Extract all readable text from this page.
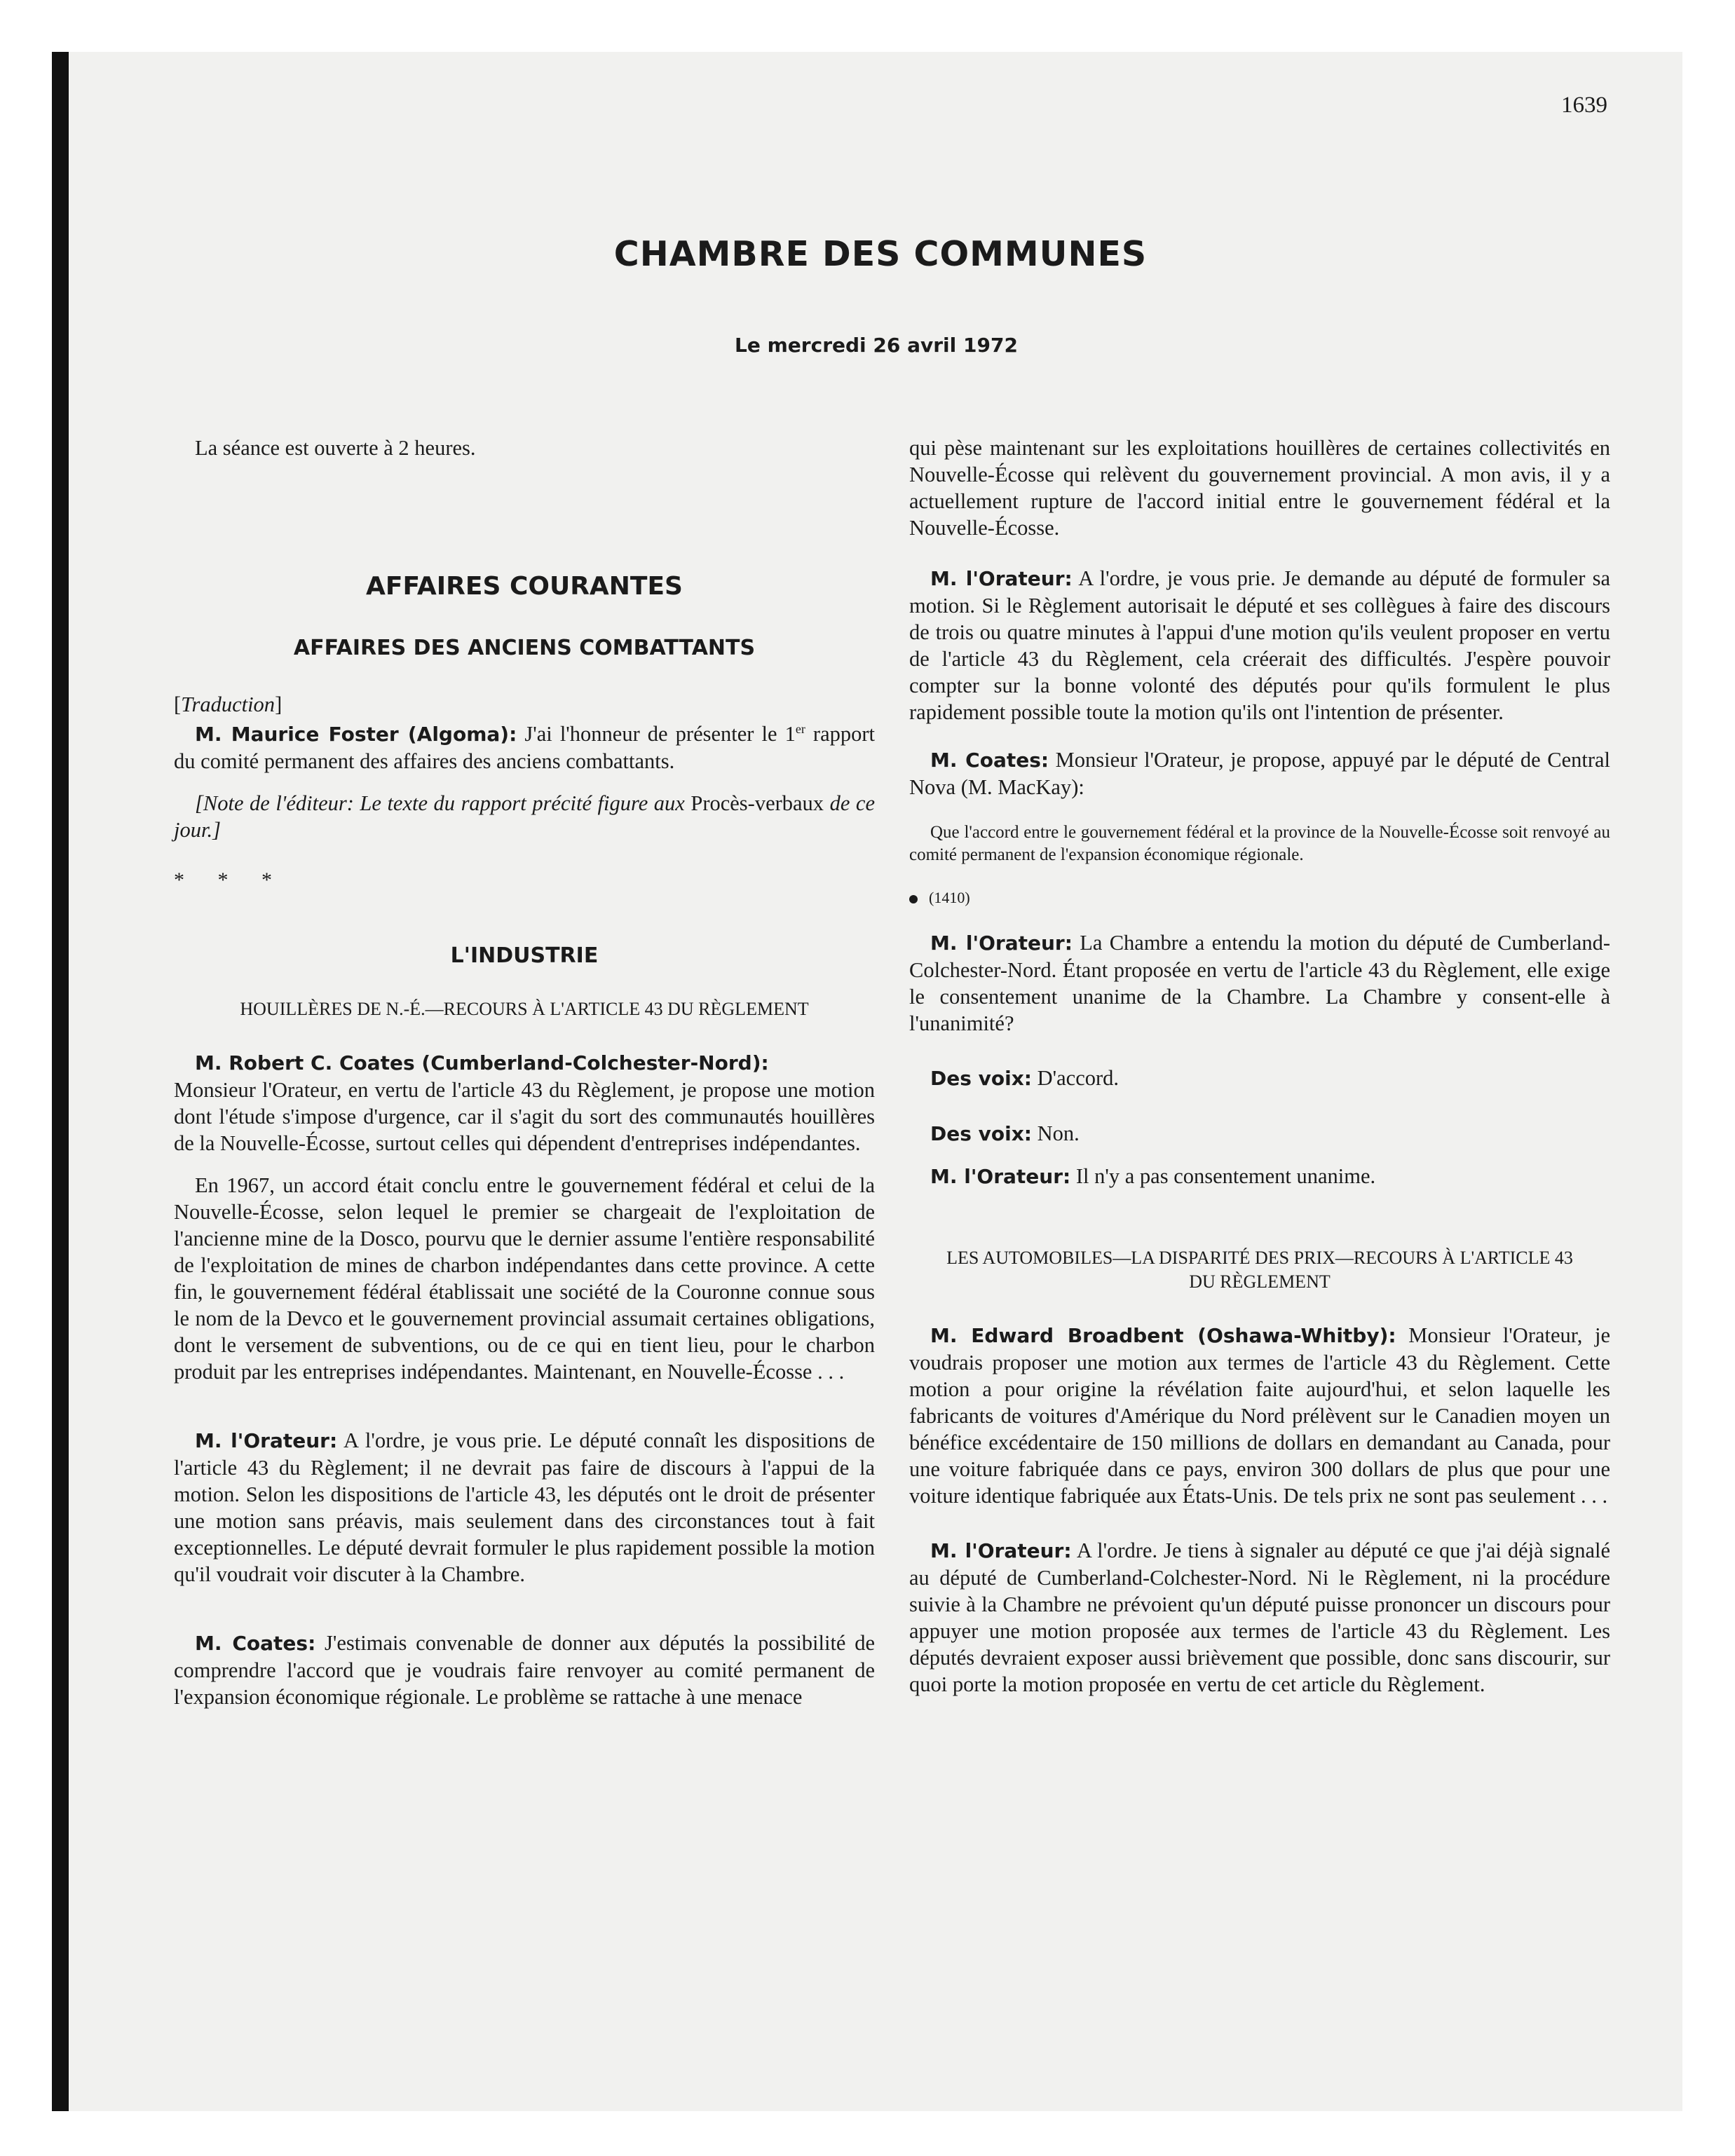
1639
CHAMBRE DES COMMUNES
Le mercredi 26 avril 1972

La séance est ouverte à 2 heures.

AFFAIRES COURANTES
AFFAIRES DES ANCIENS COMBATTANTS

[Traduction]

M. Maurice Foster (Algoma): J'ai l'honneur de présenter le 1er rapport du comité permanent des affaires des anciens combattants.

[Note de l'éditeur: Le texte du rapport précité figure aux Procès-verbaux de ce jour.]

* * *

L'INDUSTRIE
HOUILLÈRES DE N.-É.—RECOURS À L'ARTICLE 43 DU RÈGLEMENT

M. Robert C. Coates (Cumberland-Colchester-Nord):
Monsieur l'Orateur, en vertu de l'article 43 du Règlement, je propose une motion dont l'étude s'impose d'urgence, car il s'agit du sort des communautés houillères de la Nouvelle-Écosse, surtout celles qui dépendent d'entreprises indépendantes.

En 1967, un accord était conclu entre le gouvernement fédéral et celui de la Nouvelle-Écosse, selon lequel le premier se chargeait de l'exploitation de l'ancienne mine de la Dosco, pourvu que le dernier assume l'entière responsabilité de l'exploitation de mines de charbon indépendantes dans cette province. A cette fin, le gouvernement fédéral établissait une société de la Couronne connue sous le nom de la Devco et le gouvernement provincial assumait certaines obligations, dont le versement de subventions, ou de ce qui en tient lieu, pour le charbon produit par les entreprises indépendantes. Maintenant, en Nouvelle-Écosse . . .

M. l'Orateur: A l'ordre, je vous prie. Le député connaît les dispositions de l'article 43 du Règlement; il ne devrait pas faire de discours à l'appui de la motion. Selon les dispositions de l'article 43, les députés ont le droit de présenter une motion sans préavis, mais seulement dans des circonstances tout à fait exceptionnelles. Le député devrait formuler le plus rapidement possible la motion qu'il voudrait voir discuter à la Chambre.

M. Coates: J'estimais convenable de donner aux députés la possibilité de comprendre l'accord que je voudrais faire renvoyer au comité permanent de l'expansion économique régionale. Le problème se rattache à une menace

qui pèse maintenant sur les exploitations houillères de certaines collectivités en Nouvelle-Écosse qui relèvent du gouvernement provincial. A mon avis, il y a actuellement rupture de l'accord initial entre le gouvernement fédéral et la Nouvelle-Écosse.

M. l'Orateur: A l'ordre, je vous prie. Je demande au député de formuler sa motion. Si le Règlement autorisait le député et ses collègues à faire des discours de trois ou quatre minutes à l'appui d'une motion qu'ils veulent proposer en vertu de l'article 43 du Règlement, cela créerait des difficultés. J'espère pouvoir compter sur la bonne volonté des députés pour qu'ils formulent le plus rapidement possible toute la motion qu'ils ont l'intention de présenter.

M. Coates: Monsieur l'Orateur, je propose, appuyé par le député de Central Nova (M. MacKay):

Que l'accord entre le gouvernement fédéral et la province de la Nouvelle-Écosse soit renvoyé au comité permanent de l'expansion économique régionale.

(1410)

M. l'Orateur: La Chambre a entendu la motion du député de Cumberland-Colchester-Nord. Étant proposée en vertu de l'article 43 du Règlement, elle exige le consentement unanime de la Chambre. La Chambre y consent-elle à l'unanimité?

Des voix: D'accord.

Des voix: Non.

M. l'Orateur: Il n'y a pas consentement unanime.

LES AUTOMOBILES—LA DISPARITÉ DES PRIX—RECOURS À L'ARTICLE 43 DU RÈGLEMENT

M. Edward Broadbent (Oshawa-Whitby): Monsieur l'Orateur, je voudrais proposer une motion aux termes de l'article 43 du Règlement. Cette motion a pour origine la révélation faite aujourd'hui, et selon laquelle les fabricants de voitures d'Amérique du Nord prélèvent sur le Canadien moyen un bénéfice excédentaire de 150 millions de dollars en demandant au Canada, pour une voiture fabriquée dans ce pays, environ 300 dollars de plus que pour une voiture identique fabriquée aux États-Unis. De tels prix ne sont pas seulement . . .

M. l'Orateur: A l'ordre. Je tiens à signaler au député ce que j'ai déjà signalé au député de Cumberland-Colchester-Nord. Ni le Règlement, ni la procédure suivie à la Chambre ne prévoient qu'un député puisse prononcer un discours pour appuyer une motion proposée aux termes de l'article 43 du Règlement. Les députés devraient exposer aussi brièvement que possible, donc sans discourir, sur quoi porte la motion proposée en vertu de cet article du Règlement.
